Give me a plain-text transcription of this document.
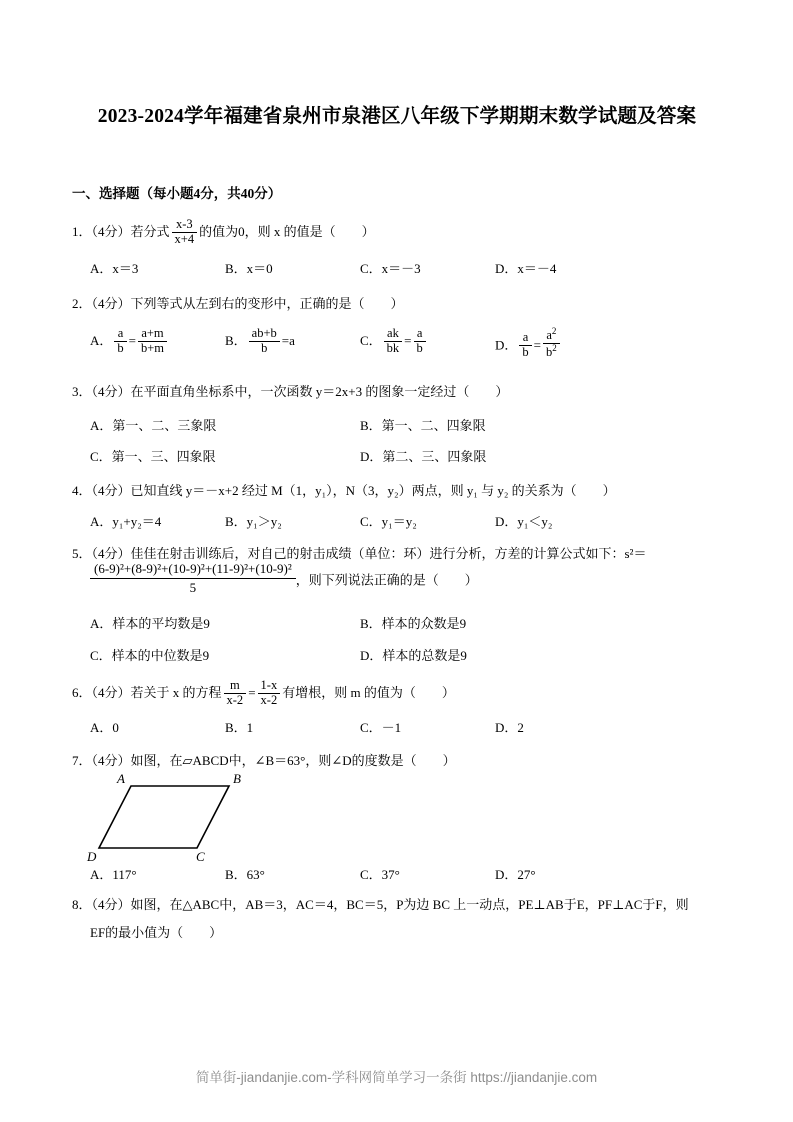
2023-2024学年福建省泉州市泉港区八年级下学期期末数学试题及答案
一、选择题（每小题4分，共40分）
1．（4分）若分式 $\frac{x-3}{x+4}$ 的值为0，则 x 的值是（　　）
A．x＝3	B．x＝0	C．x＝－3	D．x＝－4
2．（4分）下列等式从左到右的变形中，正确的是（　　）
A． $\frac{a}{b} = \frac{a+m}{b+m}$	B． $\frac{ab+b}{b} =a$	C． $\frac{ak}{bk} = \frac{a}{b}$	D． $\frac{a}{b} = \frac{a^2}{b^2}$
3．（4分）在平面直角坐标系中，一次函数 y＝2x+3 的图象一定经过（　　）
A．第一、二、三象限	B．第一、二、四象限
C．第一、三、四象限	D．第二、三、四象限
4．（4分）已知直线 y＝－x+2 经过 M（1，y₁），N（3，y₂）两点，则 y₁ 与 y₂ 的关系为（　　）
A．y₁+y₂＝4	B．y₁＞y₂	C．y₁＝y₂	D．y₁＜y₂
5．（4分）佳佳在射击训练后，对自己的射击成绩（单位：环）进行分析，方差的计算公式如下：s²＝
$\frac{\text{(6-9)²+(8-9)²+(10-9)²+(11-9)²+(10-9)²}}{5}$ ，则下列说法正确的是（　　）
A．样本的平均数是9	B．样本的众数是9
C．样本的中位数是9	D．样本的总数是9
6．（4分）若关于 x 的方程 $\frac{m}{x-2} = \frac{1-x}{x-2}$ 有增根，则 m 的值为（　　）
A．0	B．1	C．－1	D．2
7．（4分）如图，在▱ABCD中，∠B＝63°，则∠D的度数是（　　）
A	B
C
D
A．117°	B．63°	C．37°	D．27°
8．（4分）如图，在△ABC中，AB＝3，AC＝4，BC＝5，P为边 BC 上一动点，PE⊥AB于E，PF⊥AC于F，则
EF的最小值为（　　）
简单街-jiandanjie.com-学科网简单学习一条街 https://jiandanjie.com
